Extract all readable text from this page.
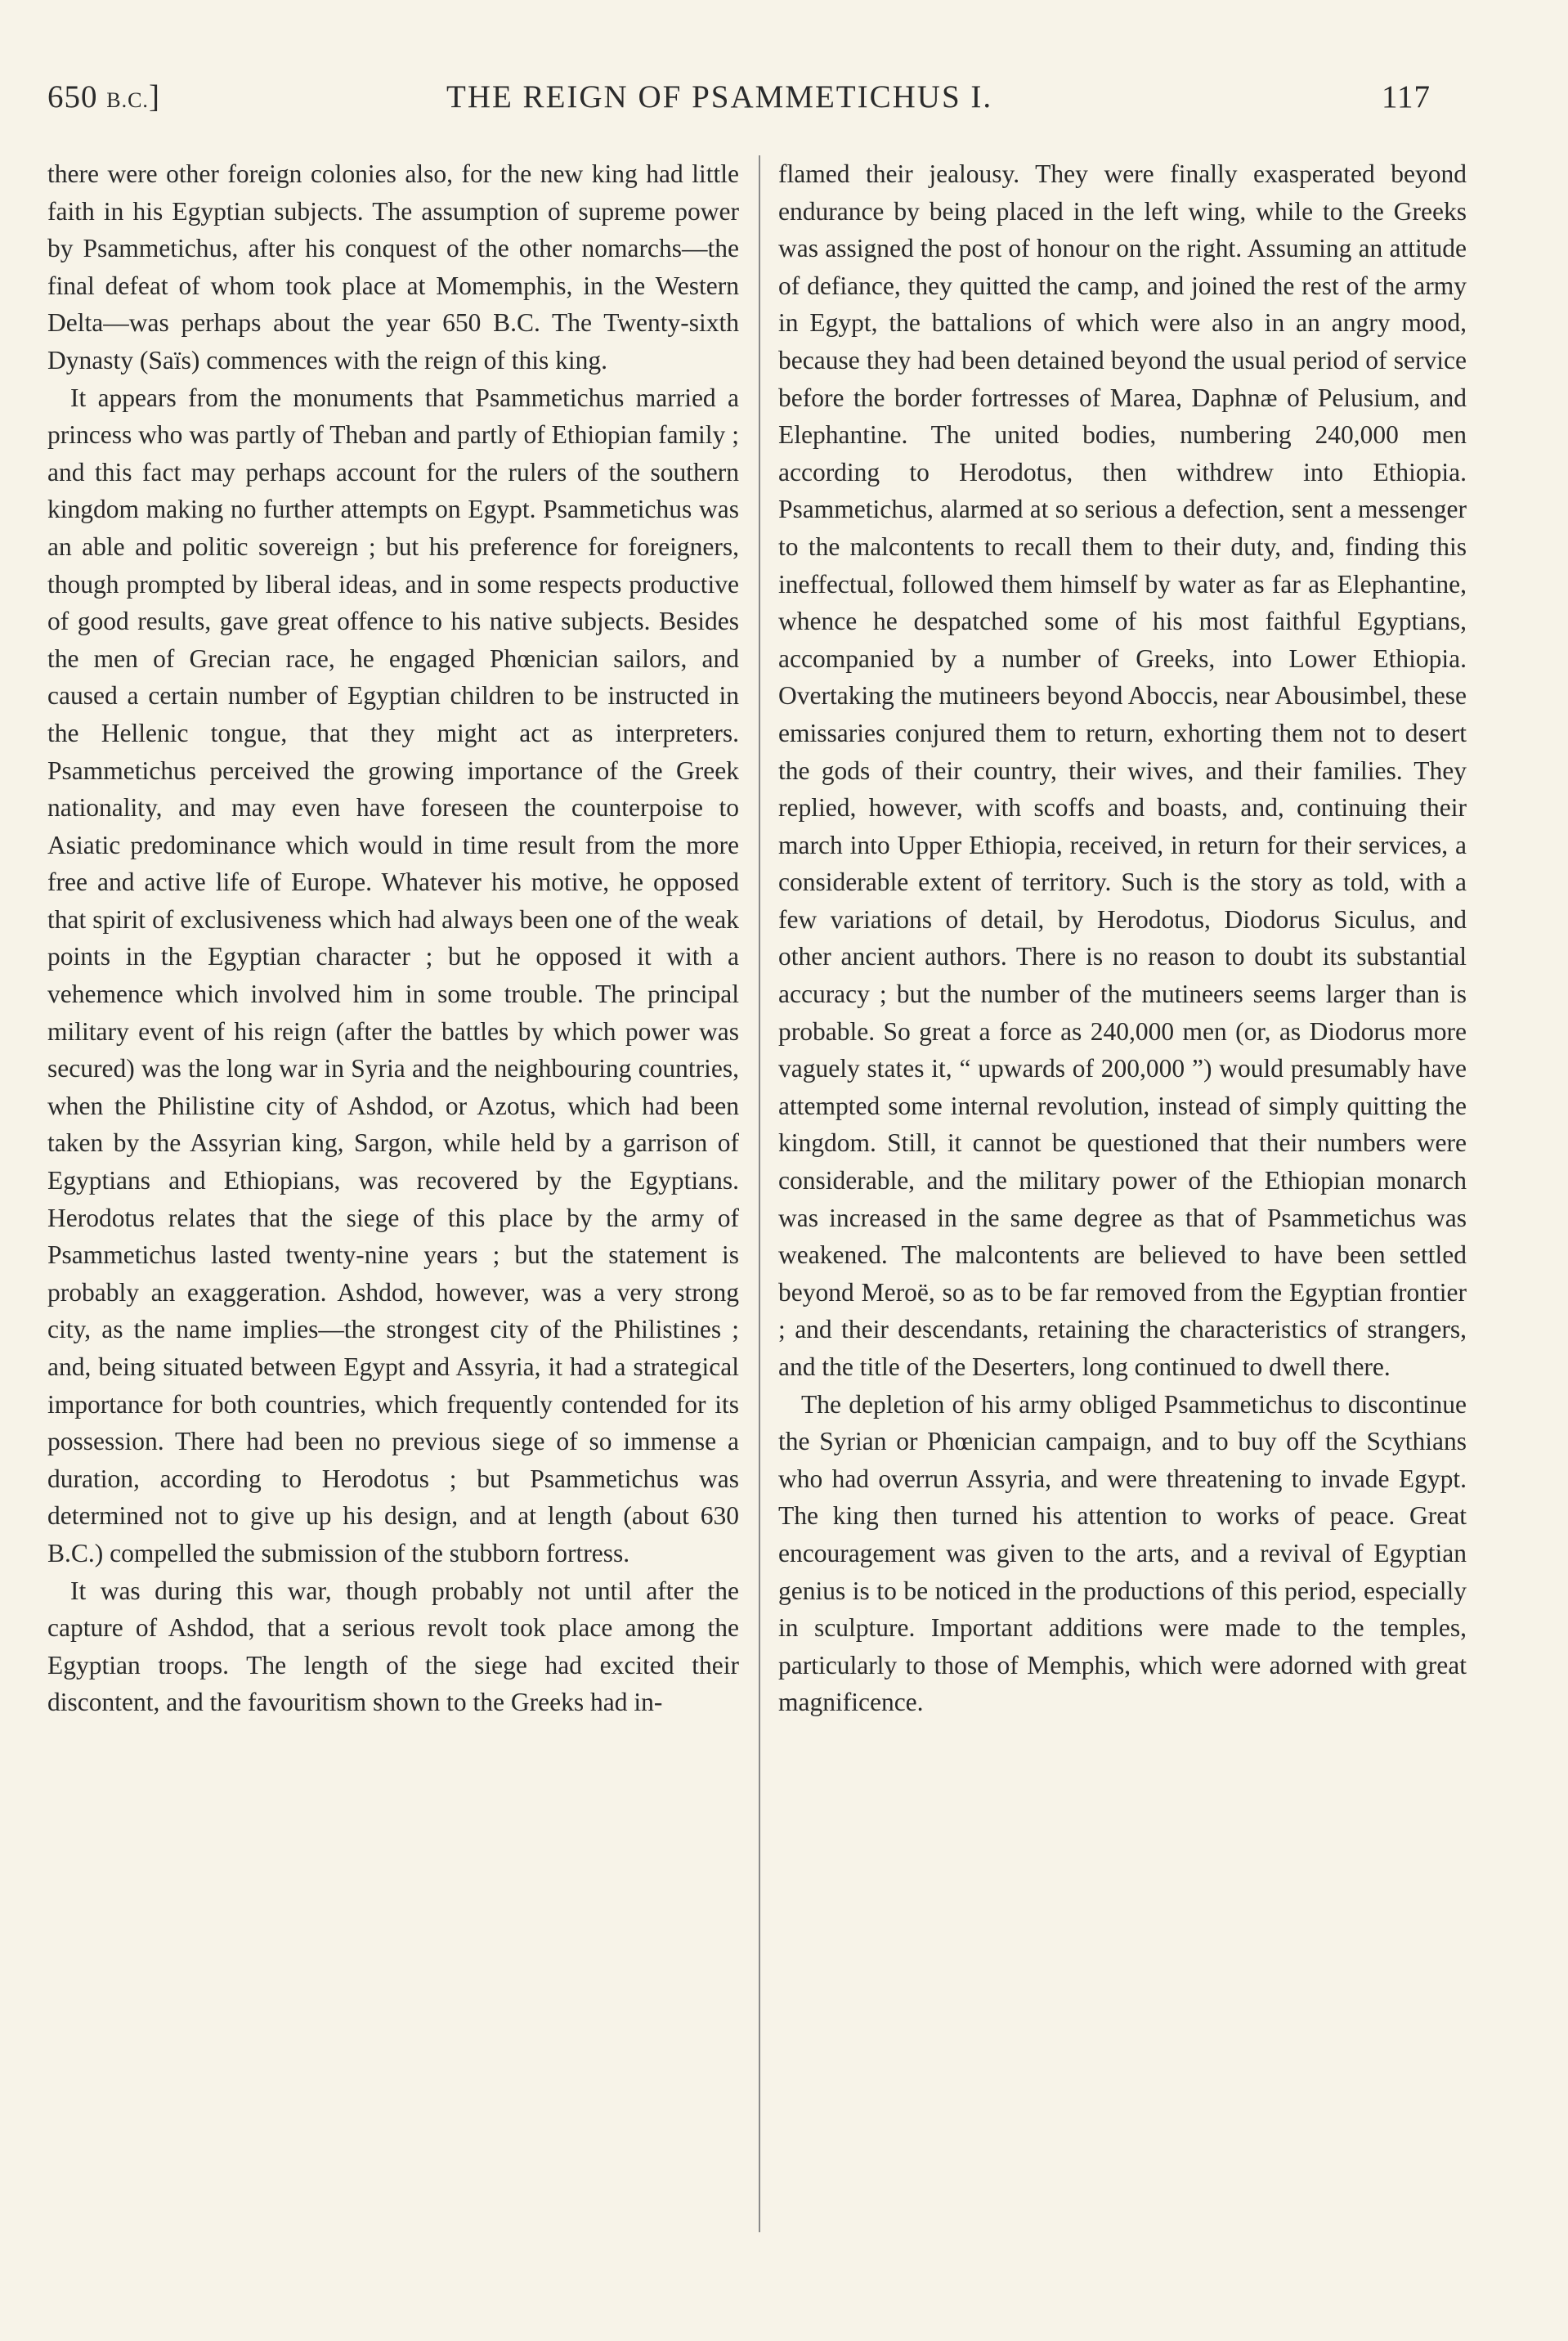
650 B.C.]	THE REIGN OF PSAMMETICHUS I.	117

there were other foreign colonies also, for the new king had little faith in his Egyptian subjects. The assumption of supreme power by Psammetichus, after his conquest of the other nomarchs—the final defeat of whom took place at Momemphis, in the Western Delta—was perhaps about the year 650 B.C. The Twenty-sixth Dynasty (Saïs) commences with the reign of this king.

It appears from the monuments that Psammetichus married a princess who was partly of Theban and partly of Ethiopian family ; and this fact may perhaps account for the rulers of the southern kingdom making no further attempts on Egypt. Psammetichus was an able and politic sovereign ; but his preference for foreigners, though prompted by liberal ideas, and in some respects productive of good results, gave great offence to his native subjects. Besides the men of Grecian race, he engaged Phœnician sailors, and caused a certain number of Egyptian children to be instructed in the Hellenic tongue, that they might act as interpreters. Psammetichus perceived the growing importance of the Greek nationality, and may even have foreseen the counterpoise to Asiatic predominance which would in time result from the more free and active life of Europe. Whatever his motive, he opposed that spirit of exclusiveness which had always been one of the weak points in the Egyptian character ; but he opposed it with a vehemence which involved him in some trouble. The principal military event of his reign (after the battles by which power was secured) was the long war in Syria and the neighbouring countries, when the Philistine city of Ashdod, or Azotus, which had been taken by the Assyrian king, Sargon, while held by a garrison of Egyptians and Ethiopians, was recovered by the Egyptians. Herodotus relates that the siege of this place by the army of Psammetichus lasted twenty-nine years ; but the statement is probably an exaggeration. Ashdod, however, was a very strong city, as the name implies—the strongest city of the Philistines ; and, being situated between Egypt and Assyria, it had a strategical importance for both countries, which frequently contended for its possession. There had been no previous siege of so immense a duration, according to Herodotus ; but Psammetichus was determined not to give up his design, and at length (about 630 B.C.) compelled the submission of the stubborn fortress.

It was during this war, though probably not until after the capture of Ashdod, that a serious revolt took place among the Egyptian troops. The length of the siege had excited their discontent, and the favouritism shown to the Greeks had in-

flamed their jealousy. They were finally exasperated beyond endurance by being placed in the left wing, while to the Greeks was assigned the post of honour on the right. Assuming an attitude of defiance, they quitted the camp, and joined the rest of the army in Egypt, the battalions of which were also in an angry mood, because they had been detained beyond the usual period of service before the border fortresses of Marea, Daphnæ of Pelusium, and Elephantine. The united bodies, numbering 240,000 men according to Herodotus, then withdrew into Ethiopia. Psammetichus, alarmed at so serious a defection, sent a messenger to the malcontents to recall them to their duty, and, finding this ineffectual, followed them himself by water as far as Elephantine, whence he despatched some of his most faithful Egyptians, accompanied by a number of Greeks, into Lower Ethiopia. Overtaking the mutineers beyond Aboccis, near Abousimbel, these emissaries conjured them to return, exhorting them not to desert the gods of their country, their wives, and their families. They replied, however, with scoffs and boasts, and, continuing their march into Upper Ethiopia, received, in return for their services, a considerable extent of territory. Such is the story as told, with a few variations of detail, by Herodotus, Diodorus Siculus, and other ancient authors. There is no reason to doubt its substantial accuracy ; but the number of the mutineers seems larger than is probable. So great a force as 240,000 men (or, as Diodorus more vaguely states it, “ upwards of 200,000 ”) would presumably have attempted some internal revolution, instead of simply quitting the kingdom. Still, it cannot be questioned that their numbers were considerable, and the military power of the Ethiopian monarch was increased in the same degree as that of Psammetichus was weakened. The malcontents are believed to have been settled beyond Meroë, so as to be far removed from the Egyptian frontier ; and their descendants, retaining the characteristics of strangers, and the title of the Deserters, long continued to dwell there.

The depletion of his army obliged Psammetichus to discontinue the Syrian or Phœnician campaign, and to buy off the Scythians who had overrun Assyria, and were threatening to invade Egypt. The king then turned his attention to works of peace. Great encouragement was given to the arts, and a revival of Egyptian genius is to be noticed in the productions of this period, especially in sculpture. Important additions were made to the temples, particularly to those of Memphis, which were adorned with great magnificence.
